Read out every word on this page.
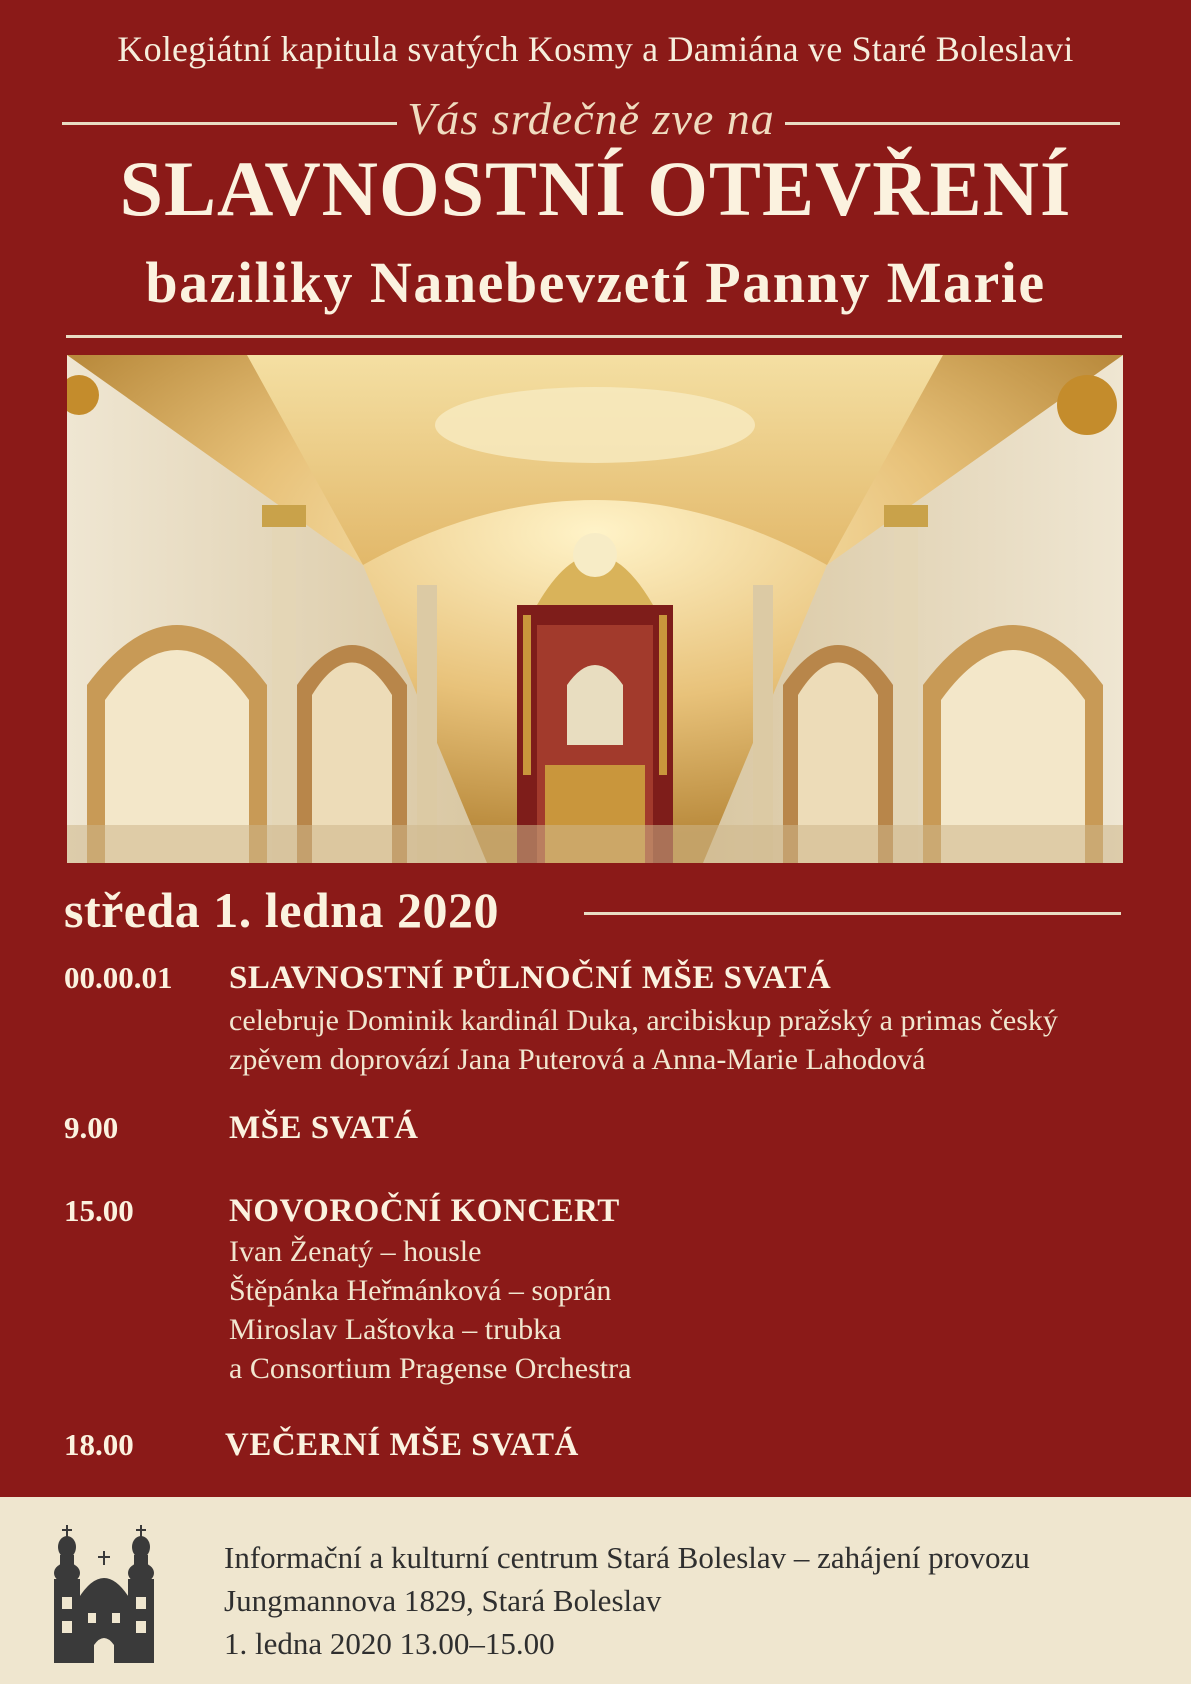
Kolegiátní kapitula svatých Kosmy a Damiána ve Staré Boleslavi
Vás srdečně zve na
SLAVNOSTNÍ OTEVŘENÍ
baziliky Nanebevzetí Panny Marie
středa 1. ledna 2020
00.00.01 SLAVNOSTNÍ PŮLNOČNÍ MŠE SVATÁ
celebruje Dominik kardinál Duka, arcibiskup pražský a primas český
zpěvem doprovází Jana Puterová a Anna-Marie Lahodová
9.00	MŠE SVATÁ
15.00	NOVOROČNÍ KONCERT
Ivan Ženatý – housle
Štěpánka Heřmánková – soprán
Miroslav Laštovka – trubka
a Consortium Pragense Orchestra
18.00	VEČERNÍ MŠE SVATÁ
Informační a kulturní centrum Stará Boleslav – zahájení provozu
Jungmannova 1829, Stará Boleslav
1. ledna 2020 13.00–15.00
